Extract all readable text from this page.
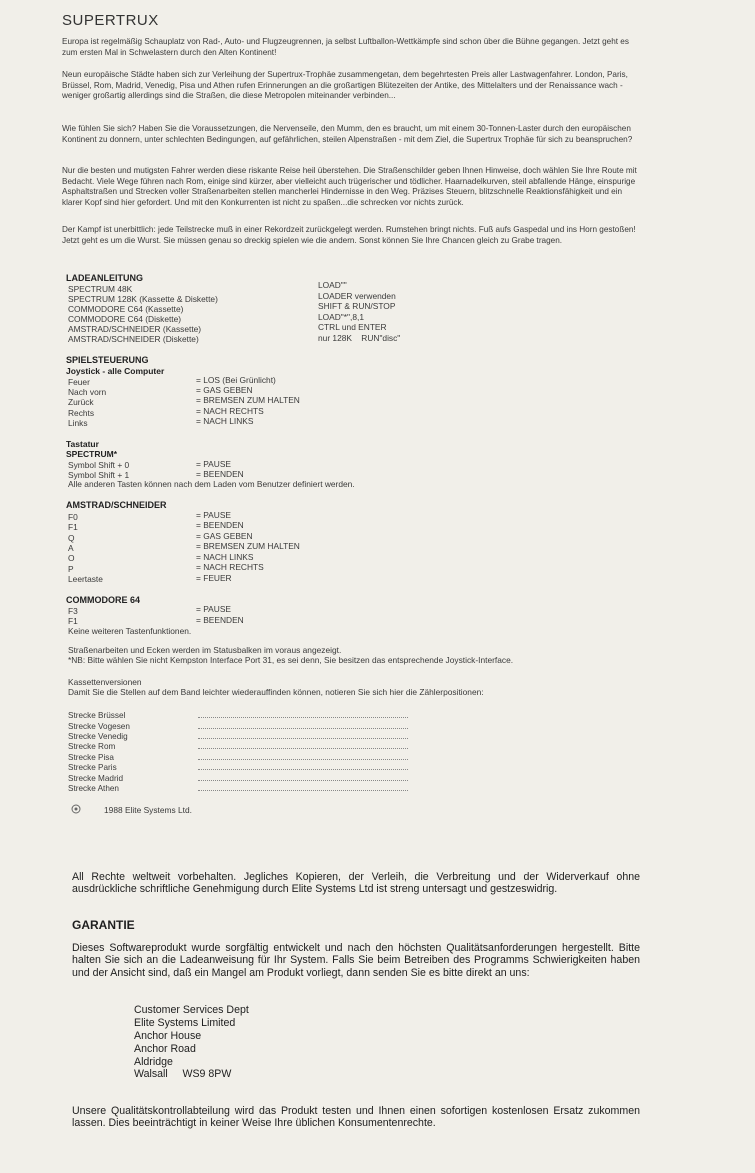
SUPERTRUX
Europa ist regelmäßig Schauplatz von Rad-, Auto- und Flugzeugrennen, ja selbst Luftballon-Wettkämpfe sind schon über die Bühne gegangen. Jetzt geht es zum ersten Mal in Schwelastern durch den Alten Kontinent!
Neun europäische Städte haben sich zur Verleihung der Supertrux-Trophäe zusammengetan, dem begehrtesten Preis aller Lastwagenfahrer. London, Paris, Brüssel, Rom, Madrid, Venedig, Pisa und Athen rufen Erinnerungen an die großartigen Blütezeiten der Antike, des Mittelalters und der Renaissance wach - weniger großartig allerdings sind die Straßen, die diese Metropolen miteinander verbinden...
Wie fühlen Sie sich? Haben Sie die Voraussetzungen, die Nervenseile, den Mumm, den es braucht, um mit einem 30-Tonnen-Laster durch den europäischen Kontinent zu donnern, unter schlechten Bedingungen, auf gefährlichen, steilen Alpenstraßen - mit dem Ziel, die Supertrux Trophäe für sich zu beanspruchen?
Nur die besten und mutigsten Fahrer werden diese riskante Reise heil überstehen. Die Straßenschilder geben Ihnen Hinweise, doch wählen Sie Ihre Route mit Bedacht. Viele Wege führen nach Rom, einige sind kürzer, aber vielleicht auch trügerischer und tödlicher. Haarnadelkurven, steil abfallende Hänge, einspurige Asphaltstraßen und Strecken voller Straßenarbeiten stellen mancherlei Hindernisse in den Weg. Präzises Steuern, blitzschnelle Reaktionsfähigkeit und ein klarer Kopf sind hier gefordert. Und mit den Konkurrenten ist nicht zu spaßen...die schrecken vor nichts zurück.
Der Kampf ist unerbittlich: jede Teilstrecke muß in einer Rekordzeit zurückgelegt werden. Rumstehen bringt nichts. Fuß aufs Gaspedal und ins Horn gestoßen! Jetzt geht es um die Wurst. Sie müssen genau so dreckig spielen wie die andern. Sonst können Sie Ihre Chancen gleich zu Grabe tragen.
LADEANLEITUNG
SPECTRUM 48K
SPECTRUM 128K (Kassette & Diskette)
COMMODORE C64 (Kassette)
COMMODORE C64 (Diskette)
AMSTRAD/SCHNEIDER (Kassette)
AMSTRAD/SCHNEIDER (Diskette)
LOAD""
LOADER verwenden
SHIFT & RUN/STOP
LOAD"*",8,1
CTRL und ENTER
nur 128K    RUN"disc"
SPIELSTEUERUNG
Joystick - alle Computer
Feuer
Nach vorn
Zurück
Rechts
Links
= LOS (Bei Grünlicht)
= GAS GEBEN
= BREMSEN ZUM HALTEN
= NACH RECHTS
= NACH LINKS
Tastatur
SPECTRUM*
Symbol Shift + 0
Symbol Shift + 1
= PAUSE
= BEENDEN
Alle anderen Tasten können nach dem Laden vom Benutzer definiert werden.
AMSTRAD/SCHNEIDER
F0
F1
Q
A
O
P
Leertaste
= PAUSE
= BEENDEN
= GAS GEBEN
= BREMSEN ZUM HALTEN
= NACH LINKS
= NACH RECHTS
= FEUER
COMMODORE 64
F3
F1
= PAUSE
= BEENDEN
Keine weiteren Tastenfunktionen.
Straßenarbeiten und Ecken werden im Statusbalken im voraus angezeigt.
*NB: Bitte wählen Sie nicht Kempston Interface Port 31, es sei denn, Sie besitzen das entsprechende Joystick-Interface.
Kassettenversionen
Damit Sie die Stellen auf dem Band leichter wiederauffinden können, notieren Sie sich hier die Zählerpositionen:
Strecke Brüssel
Strecke Vogesen
Strecke Venedig
Strecke Rom
Strecke Pisa
Strecke Paris
Strecke Madrid
Strecke Athen
1988 Elite Systems Ltd.
All Rechte weltweit vorbehalten. Jegliches Kopieren, der Verleih, die Verbreitung und der Widerverkauf ohne ausdrückliche schriftliche Genehmigung durch Elite Systems Ltd ist streng untersagt und gestzeswidrig.
GARANTIE
Dieses Softwareprodukt wurde sorgfältig entwickelt und nach den höchsten Qualitätsanforderungen hergestellt. Bitte halten Sie sich an die Ladeanweisung für Ihr System. Falls Sie beim Betreiben des Programms Schwierigkeiten haben und der Ansicht sind, daß ein Mangel am Produkt vorliegt, dann senden Sie es bitte direkt an uns:
Customer Services Dept
Elite Systems Limited
Anchor House
Anchor Road
Aldridge
Walsall     WS9 8PW
Unsere Qualitätskontrollabteilung wird das Produkt testen und Ihnen einen sofortigen kostenlosen Ersatz zukommen lassen. Dies beeinträchtigt in keiner Weise Ihre üblichen Konsumentenrechte.
